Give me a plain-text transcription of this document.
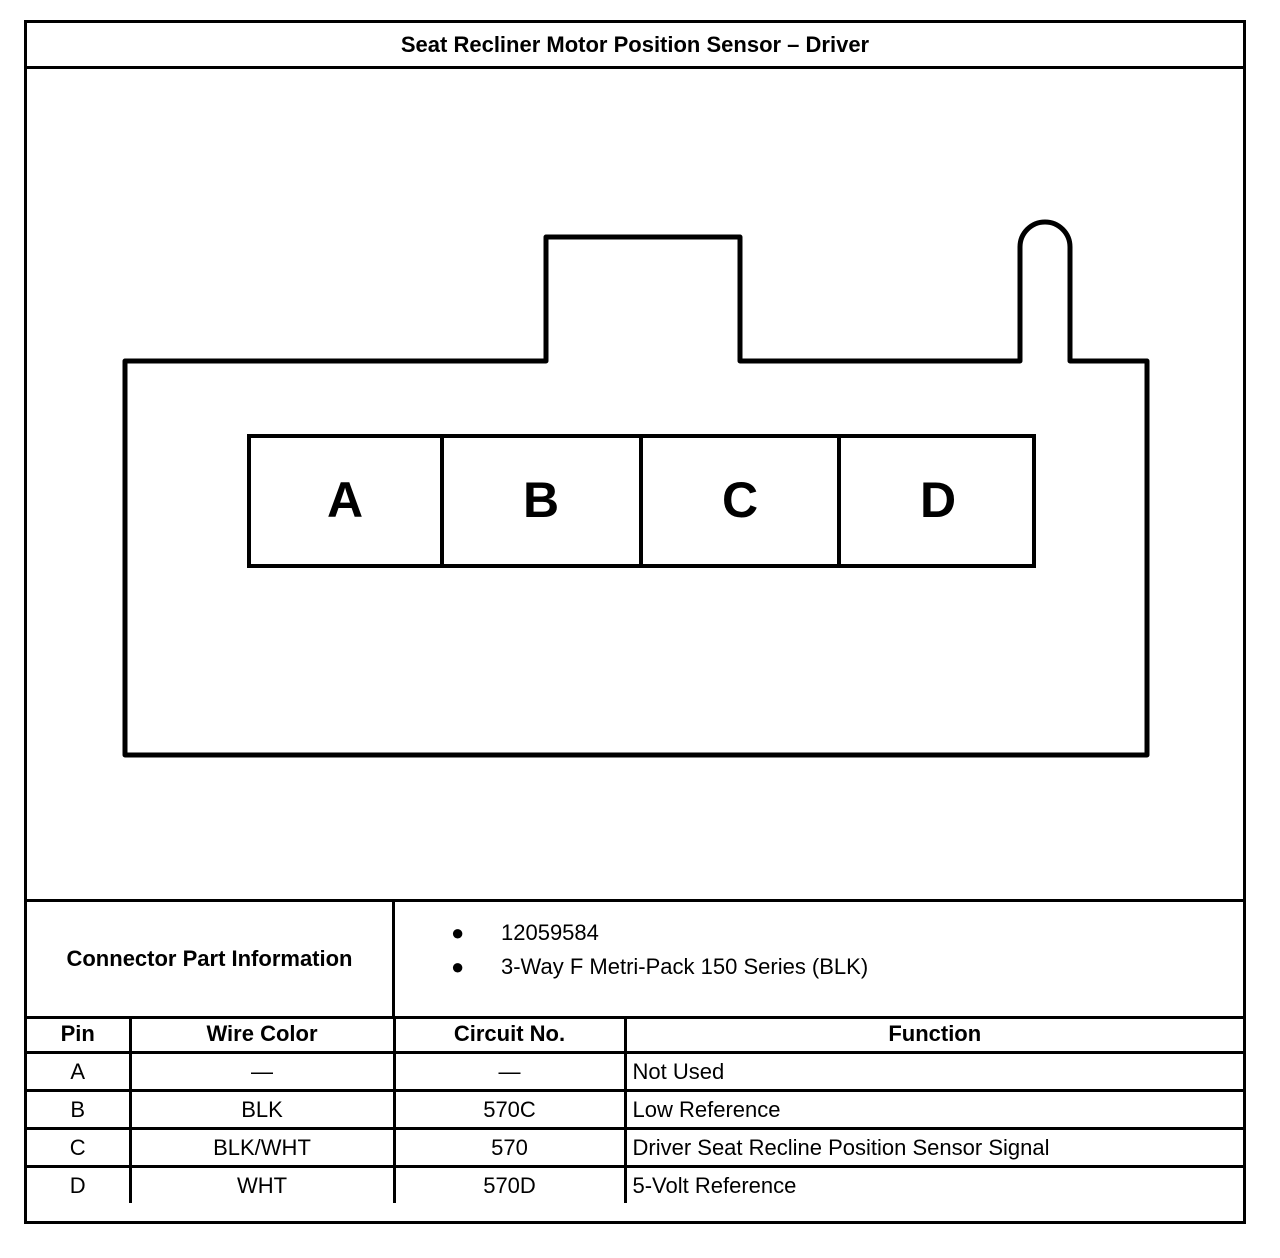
Seat Recliner Motor Position Sensor – Driver
A	B	C	D
Connector Part Information
● 12059584
● 3-Way F Metri-Pack 150 Series (BLK)
Pin	Wire Color	Circuit No.	Function
A	—	—	Not Used
B	BLK	570C	Low Reference
C	BLK/WHT	570	Driver Seat Recline Position Sensor Signal
D	WHT	570D	5-Volt Reference
